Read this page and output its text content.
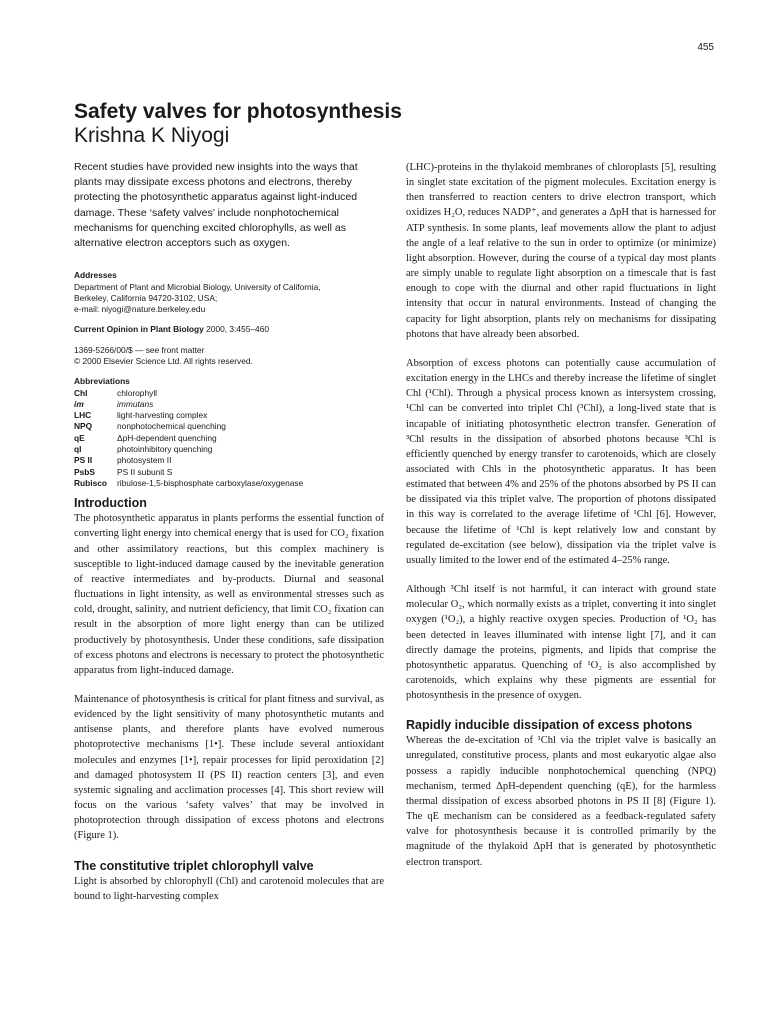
455
Safety valves for photosynthesis
Krishna K Niyogi

Recent studies have provided new insights into the ways that plants may dissipate excess photons and electrons, thereby protecting the photosynthetic apparatus against light-induced damage. These ‘safety valves’ include nonphotochemical mechanisms for quenching excited chlorophylls, as well as alternative electron acceptors such as oxygen.

Addresses
Department of Plant and Microbial Biology, University of California,
Berkeley, California 94720-3102, USA;
e-mail: niyogi@nature.berkeley.edu
Current Opinion in Plant Biology 2000, 3:455–460
1369-5266/00/$ — see front matter
© 2000 Elsevier Science Ltd. All rights reserved.
Abbreviations
Chl	chlorophyll
im	immutans
LHC	light-harvesting complex
NPQ	nonphotochemical quenching
qE	ΔpH-dependent quenching
qI	photoinhibitory quenching
PS II	photosystem II
PsbS	PS II subunit S
Rubisco	ribulose-1,5-bisphosphate carboxylase/oxygenase
Introduction

The photosynthetic apparatus in plants performs the essential function of converting light energy into chemical energy that is used for CO₂ fixation and other assimilatory reactions, but this complex machinery is susceptible to light-induced damage caused by the inevitable generation of reactive intermediates and by-products. Diurnal and seasonal fluctuations in light intensity, as well as environmental stresses such as cold, drought, salinity, and nutrient deficiency, that limit CO₂ fixation can result in the absorption of more light energy than can be utilized productively by photosynthesis. Under these conditions, safe dissipation of excess photons and electrons is necessary to protect the photosynthetic apparatus from light-induced damage.

Maintenance of photosynthesis is critical for plant fitness and survival, as evidenced by the light sensitivity of many photosynthetic mutants and antisense plants, and therefore plants have evolved numerous photoprotective mechanisms [1•]. These include several antioxidant molecules and enzymes [1•], repair processes for lipid peroxidation [2] and damaged photosystem II (PS II) reaction centers [3], and even systemic signaling and acclimation processes [4]. This short review will focus on the various ‘safety valves’ that may be involved in photoprotection through dissipation of excess photons and electrons (Figure 1).

The constitutive triplet chlorophyll valve

Light is absorbed by chlorophyll (Chl) and carotenoid molecules that are bound to light-harvesting complex

(LHC)-proteins in the thylakoid membranes of chloroplasts [5], resulting in singlet state excitation of the pigment molecules. Excitation energy is then transferred to reaction centers to drive electron transport, which oxidizes H₂O, reduces NADP⁺, and generates a ΔpH that is harnessed for ATP synthesis. In some plants, leaf movements allow the plant to adjust the angle of a leaf relative to the sun in order to optimize (or minimize) light absorption. However, during the course of a typical day most plants are simply unable to regulate light absorption on a timescale that is fast enough to cope with the diurnal and other rapid fluctuations in light intensity that occur in natural environments. Instead of changing the capacity for light absorption, plants rely on mechanisms for dissipating photons that have already been absorbed.

Absorption of excess photons can potentially cause accumulation of excitation energy in the LHCs and thereby increase the lifetime of singlet Chl (¹Chl). Through a physical process known as intersystem crossing, ¹Chl can be converted into triplet Chl (³Chl), a long-lived state that is incapable of initiating photosynthetic electron transfer. Generation of ³Chl results in the dissipation of absorbed photons because ³Chl is efficiently quenched by energy transfer to carotenoids, which are closely associated with Chls in the photosynthetic apparatus. It has been estimated that between 4% and 25% of the photons absorbed by PS II can be dissipated via this triplet valve. The proportion of photons dissipated in this way is correlated to the average lifetime of ¹Chl [6]. However, because the lifetime of ¹Chl is kept relatively low and constant by regulated de-excitation (see below), dissipation via the triplet valve is usually limited to the lower end of the estimated 4–25% range.

Although ³Chl itself is not harmful, it can interact with ground state molecular O₂, which normally exists as a triplet, converting it into singlet oxygen (¹O₂), a highly reactive oxygen species. Production of ¹O₂ has been detected in leaves illuminated with intense light [7], and it can directly damage the proteins, pigments, and lipids that comprise the photosynthetic apparatus. Quenching of ¹O₂ is also accomplished by carotenoids, which explains why these pigments are essential for photosynthesis in the presence of oxygen.

Rapidly inducible dissipation of excess photons

Whereas the de-excitation of ¹Chl via the triplet valve is basically an unregulated, constitutive process, plants and most eukaryotic algae also possess a rapidly inducible nonphotochemical quenching (NPQ) mechanism, termed ΔpH-dependent quenching (qE), for the harmless thermal dissipation of excess absorbed photons in PS II [8] (Figure 1). The qE mechanism can be considered as a feedback-regulated safety valve for photosynthesis because it is controlled primarily by the magnitude of the thylakoid ΔpH that is generated by photosynthetic electron transport.
